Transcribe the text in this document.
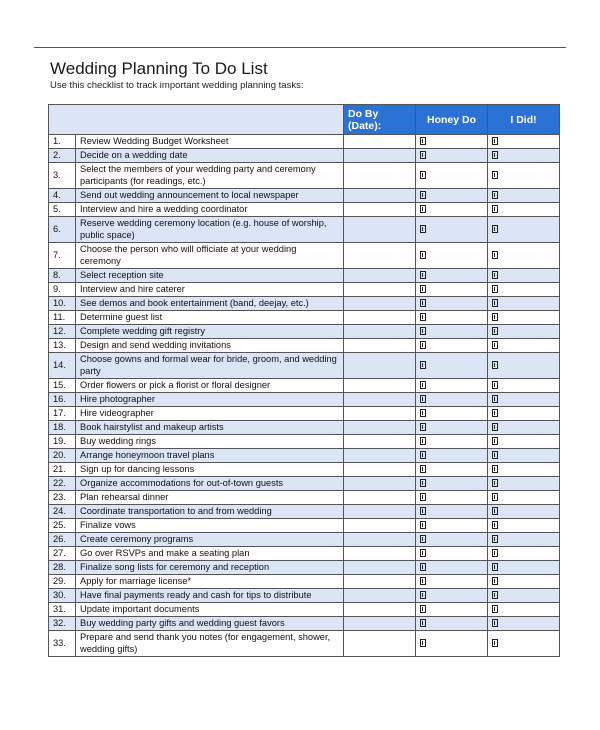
Wedding Planning To Do List
Use this checklist to track important wedding planning tasks:
		Do By (Date):	Honey Do	I Did!
1.	Review Wedding Budget Worksheet			
2.	Decide on a wedding date			
3.	Select the members of your wedding party and ceremony participants (for readings, etc.)			
4.	Send out wedding announcement to local newspaper			
5.	Interview and hire a wedding coordinator			
6.	Reserve wedding ceremony location (e.g. house of worship, public space)			
7.	Choose the person who will officiate at your wedding ceremony			
8.	Select reception site			
9.	Interview and hire caterer			
10.	See demos and book entertainment (band, deejay, etc.)			
11.	Determine guest list			
12.	Complete wedding gift registry			
13.	Design and send wedding invitations			
14.	Choose gowns and formal wear for bride, groom, and wedding party			
15.	Order flowers or pick a florist or floral designer			
16.	Hire photographer			
17.	Hire videographer			
18.	Book hairstylist and makeup artists			
19.	Buy wedding rings			
20.	Arrange honeymoon travel plans			
21.	Sign up for dancing lessons			
22.	Organize accommodations for out-of-town guests			
23.	Plan rehearsal dinner			
24.	Coordinate transportation to and from wedding			
25.	Finalize vows			
26.	Create ceremony programs			
27.	Go over RSVPs and make a seating plan			
28.	Finalize song lists for ceremony and reception			
29.	Apply for marriage license*			
30.	Have final payments ready and cash for tips to distribute			
31.	Update important documents			
32.	Buy wedding party gifts and wedding guest favors			
33.	Prepare and send thank you notes (for engagement, shower, wedding gifts)			
